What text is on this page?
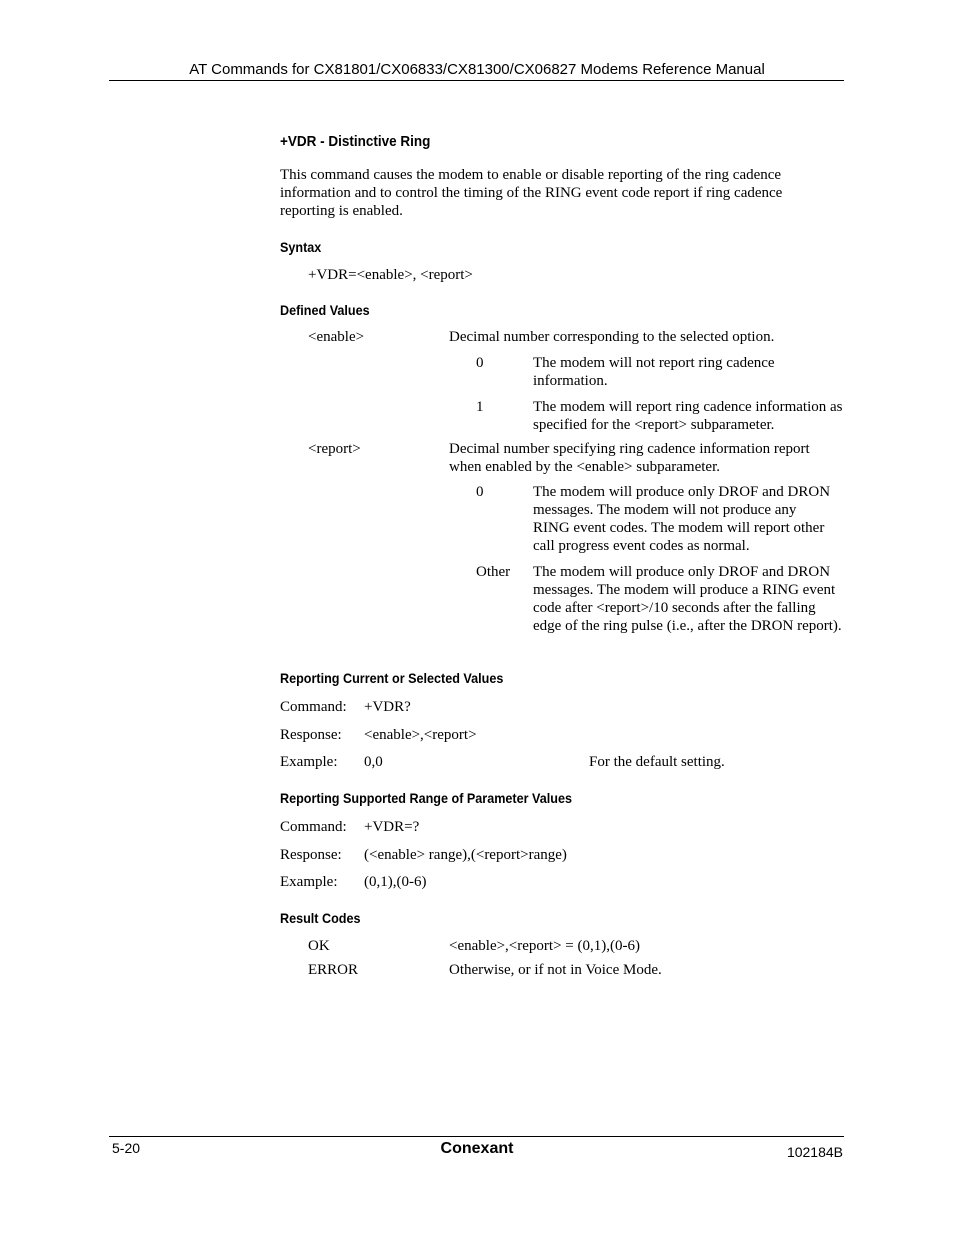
AT Commands for CX81801/CX06833/CX81300/CX06827 Modems Reference Manual
+VDR - Distinctive Ring
This command causes the modem to enable or disable reporting of the ring cadence information and to control the timing of the RING event code report if ring cadence reporting is enabled.
Syntax
+VDR=<enable>, <report>
Defined Values
<enable>	Decimal number corresponding to the selected option.
0	The modem will not report ring cadence information.
1	The modem will report ring cadence information as specified for the <report> subparameter.
<report>	Decimal number specifying ring cadence information report when enabled by the <enable> subparameter.
0	The modem will produce only DROF and DRON messages. The modem will not produce any RING event codes. The modem will report other call progress event codes as normal.
Other The modem will produce only DROF and DRON messages. The modem will produce a RING event code after <report>/10 seconds after the falling edge of the ring pulse (i.e., after the DRON report).
Reporting Current or Selected Values
Command: +VDR?
Response: <enable>,<report>
Example: 0,0	For the default setting.
Reporting Supported Range of Parameter Values
Command: +VDR=?
Response: (<enable> range),(<report>range)
Example: (0,1),(0-6)
Result Codes
OK	<enable>,<report> = (0,1),(0-6)
ERROR	Otherwise, or if not in Voice Mode.
5-20	Conexant	102184B
